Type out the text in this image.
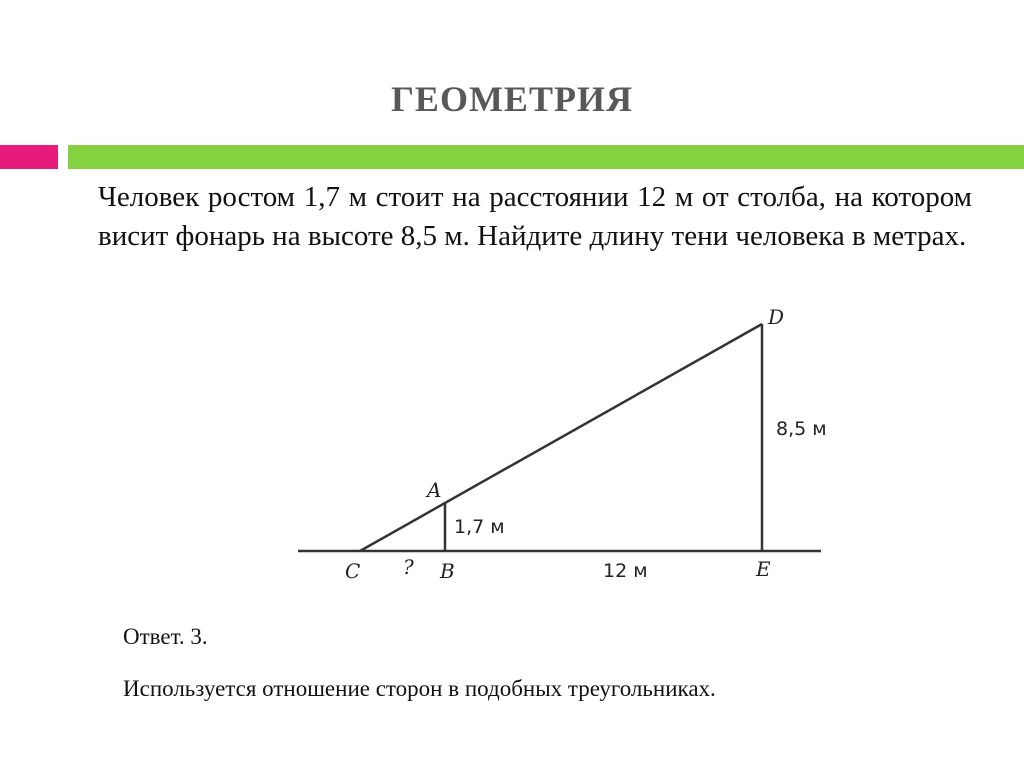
ГЕОМЕТРИЯ
Человек ростом 1,7 м стоит на расстоянии 12 м от столба, на котором висит фонарь на высоте 8,5 м. Найдите длину тени человека в метрах.
D
A
C	B	E
8,5 м
1,7 м
12 м
?
Ответ. 3.
Используется отношение сторон в подобных треугольниках.
